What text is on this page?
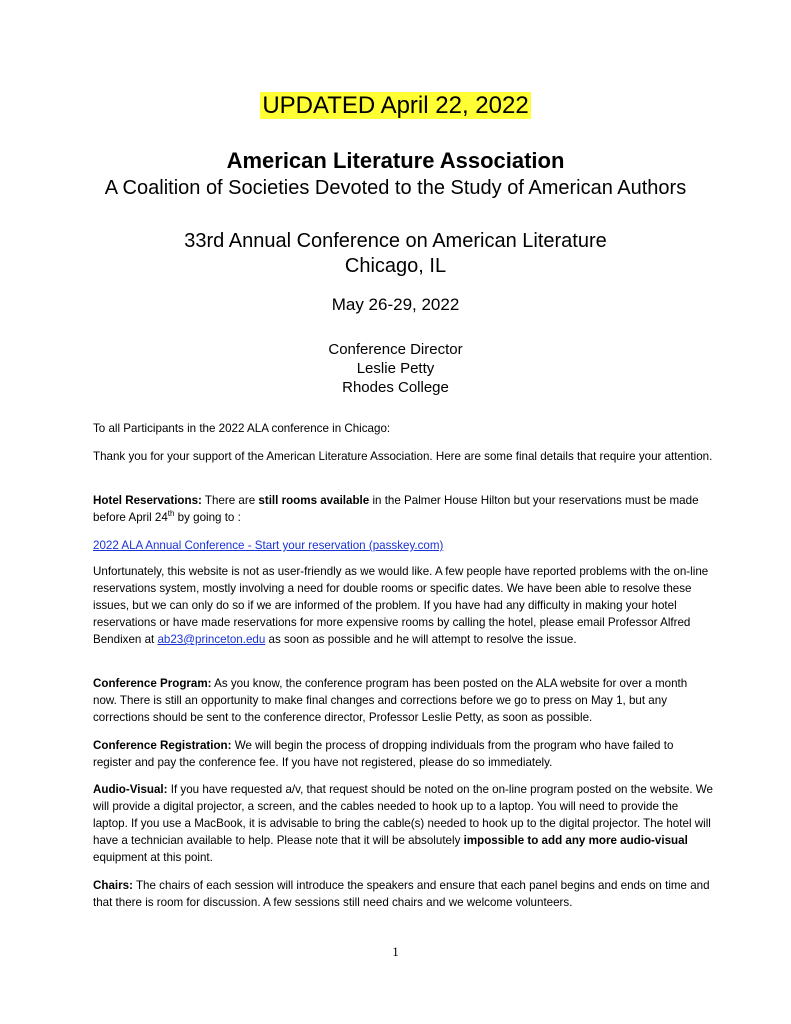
UPDATED April 22, 2022
American Literature Association
A Coalition of Societies Devoted to the Study of American Authors
33rd Annual Conference on American Literature
Chicago, IL
May 26-29, 2022
Conference Director
Leslie Petty
Rhodes College

To all Participants in the 2022 ALA conference in Chicago:

Thank you for your support of the American Literature Association. Here are some final details that require your attention.

Hotel Reservations: There are still rooms available in the Palmer House Hilton but your reservations must be made before April 24th by going to :

2022 ALA Annual Conference - Start your reservation (passkey.com)

Unfortunately, this website is not as user-friendly as we would like. A few people have reported problems with the on-line reservations system, mostly involving a need for double rooms or specific dates. We have been able to resolve these issues, but we can only do so if we are informed of the problem. If you have had any difficulty in making your hotel reservations or have made reservations for more expensive rooms by calling the hotel, please email Professor Alfred Bendixen at ab23@princeton.edu as soon as possible and he will attempt to resolve the issue.

Conference Program: As you know, the conference program has been posted on the ALA website for over a month now. There is still an opportunity to make final changes and corrections before we go to press on May 1, but any corrections should be sent to the conference director, Professor Leslie Petty, as soon as possible.

Conference Registration: We will begin the process of dropping individuals from the program who have failed to register and pay the conference fee. If you have not registered, please do so immediately.

Audio-Visual: If you have requested a/v, that request should be noted on the on-line program posted on the website. We will provide a digital projector, a screen, and the cables needed to hook up to a laptop. You will need to provide the laptop. If you use a MacBook, it is advisable to bring the cable(s) needed to hook up to the digital projector. The hotel will have a technician available to help. Please note that it will be absolutely impossible to add any more audio-visual equipment at this point.

Chairs: The chairs of each session will introduce the speakers and ensure that each panel begins and ends on time and that there is room for discussion. A few sessions still need chairs and we welcome volunteers.

1
